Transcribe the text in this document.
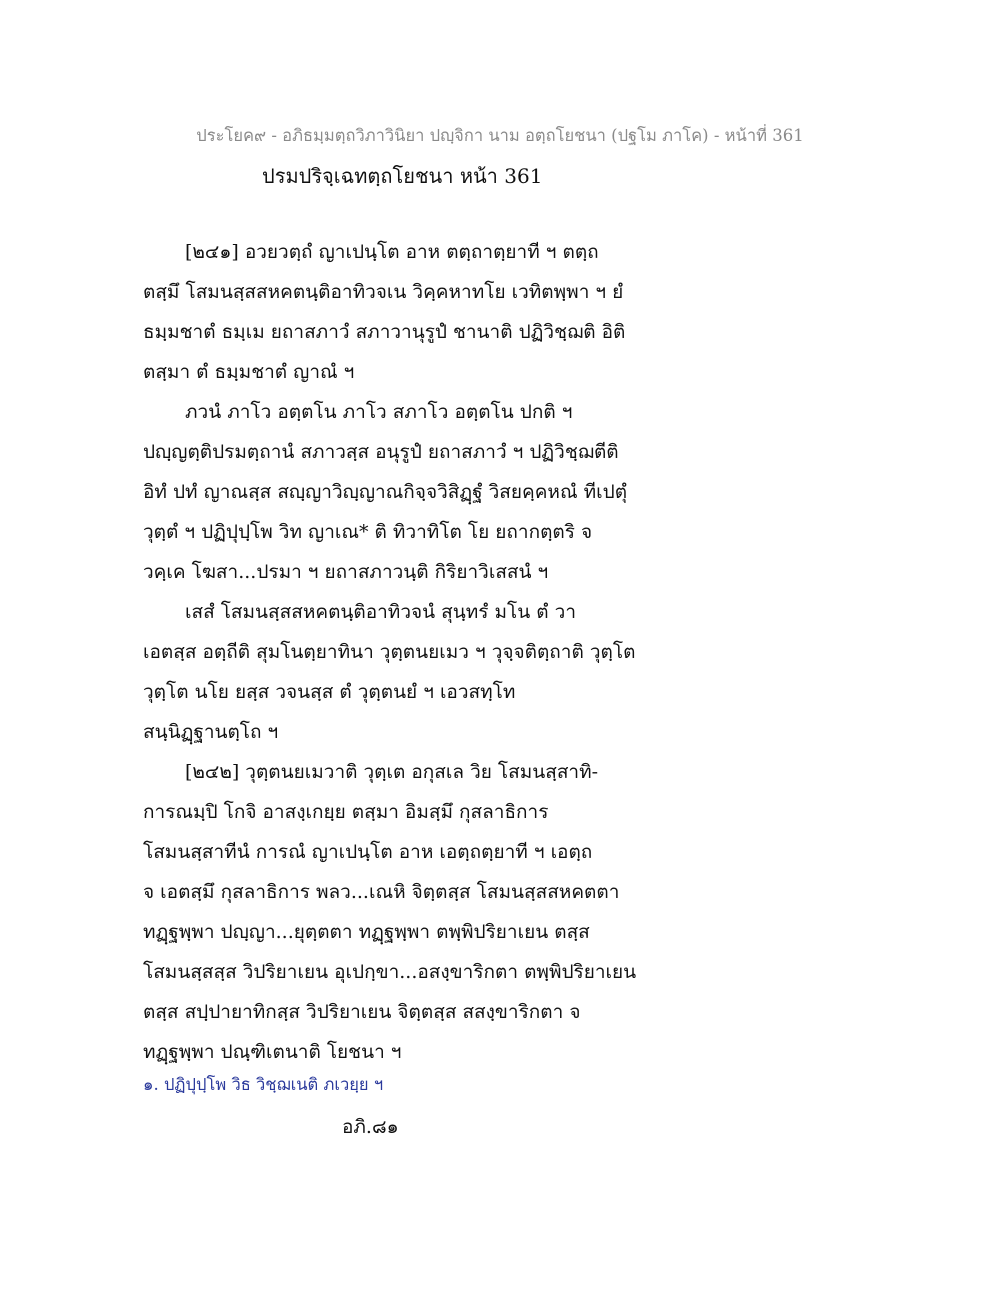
ประโยค๙ - อภิธมฺมตฺถวิภาวินิยา ปญฺจิกา นาม อตฺถโยชนา (ปฐโม ภาโค) - หน้าที่ 361
ปรมปริจฺเฉทตฺถโยชนา หน้า 361
[๒๔๑] อวยวตฺถํ ญาเปนฺโต อาห ตตฺถาตฺยาที ฯ ตตฺถ
ตสฺมึ โสมนสฺสสหคตนฺติอาทิวจเน วิคฺคหาทโย เวทิตพฺพา ฯ ยํ
ธมฺมชาตํ ธมฺเม ยถาสภาวํ สภาวานุรูปํ ชานาติ ปฏิวิชฺฌติ อิติ
ตสฺมา ตํ ธมฺมชาตํ ญาณํ ฯ
ภวนํ ภาโว อตฺตโน ภาโว สภาโว อตฺตโน ปกติ ฯ
ปญฺญตฺติปรมตฺถานํ สภาวสฺส อนุรูปํ ยถาสภาวํ ฯ ปฏิวิชฺฌตีติ
อิทํ ปทํ ญาณสฺส สญฺญาวิญฺญาณกิจฺจวิสิฏฺฐํ วิสยคฺคหณํ ทีเปตุํ
วุตฺตํ ฯ ปฏิปุปฺโพ วิท ญาเณ* ติ ทิวาทิโต โย ยถากตฺตริ จ
วคฺเค โฆสา...ปรมา ฯ ยถาสภาวนฺติ กิริยาวิเสสนํ ฯ
เสสํ โสมนสฺสสหคตนฺติอาทิวจนํ สุนฺทรํ มโน ตํ วา
เอตสฺส อตฺถีติ สุมโนตฺยาทินา วุตฺตนยเมว ฯ วุจฺจติตฺถาติ วุตฺโต
วุตฺโต นโย ยสฺส วจนสฺส ตํ วุตฺตนยํ ฯ เอวสทฺโท
สนฺนิฏฺฐานตฺโถ ฯ
[๒๔๒] วุตฺตนยเมวาติ วุตฺเต อกุสเล วิย โสมนสฺสาทิ-
การณมฺปิ โกจิ อาสงฺเกยฺย ตสฺมา อิมสฺมึ กุสลาธิการ
โสมนสฺสาทีนํ การณํ ญาเปนฺโต อาห เอตฺถตฺยาที ฯ เอตฺถ
จ เอตสฺมึ กุสลาธิการ พลว...เณหิ จิตฺตสฺส โสมนสฺสสหคตตา
ทฏฺฐพฺพา ปญฺญา...ยุตฺตตา ทฏฺฐพฺพา ตพฺพิปริยาเยน ตสฺส
โสมนสฺสสฺส วิปริยาเยน อุเปกฺขา...อสงฺขาริกตา ตพฺพิปริยาเยน
ตสฺส สปฺปายาทิกสฺส วิปริยาเยน จิตฺตสฺส สสงฺขาริกตา จ
ทฏฺฐพฺพา ปณฺฑิเตนาติ โยชนา ฯ
๑. ปฏิปุปฺโพ วิธ วิชฺฌเนติ ภเวยฺย ฯ
อภิ.๘๑
